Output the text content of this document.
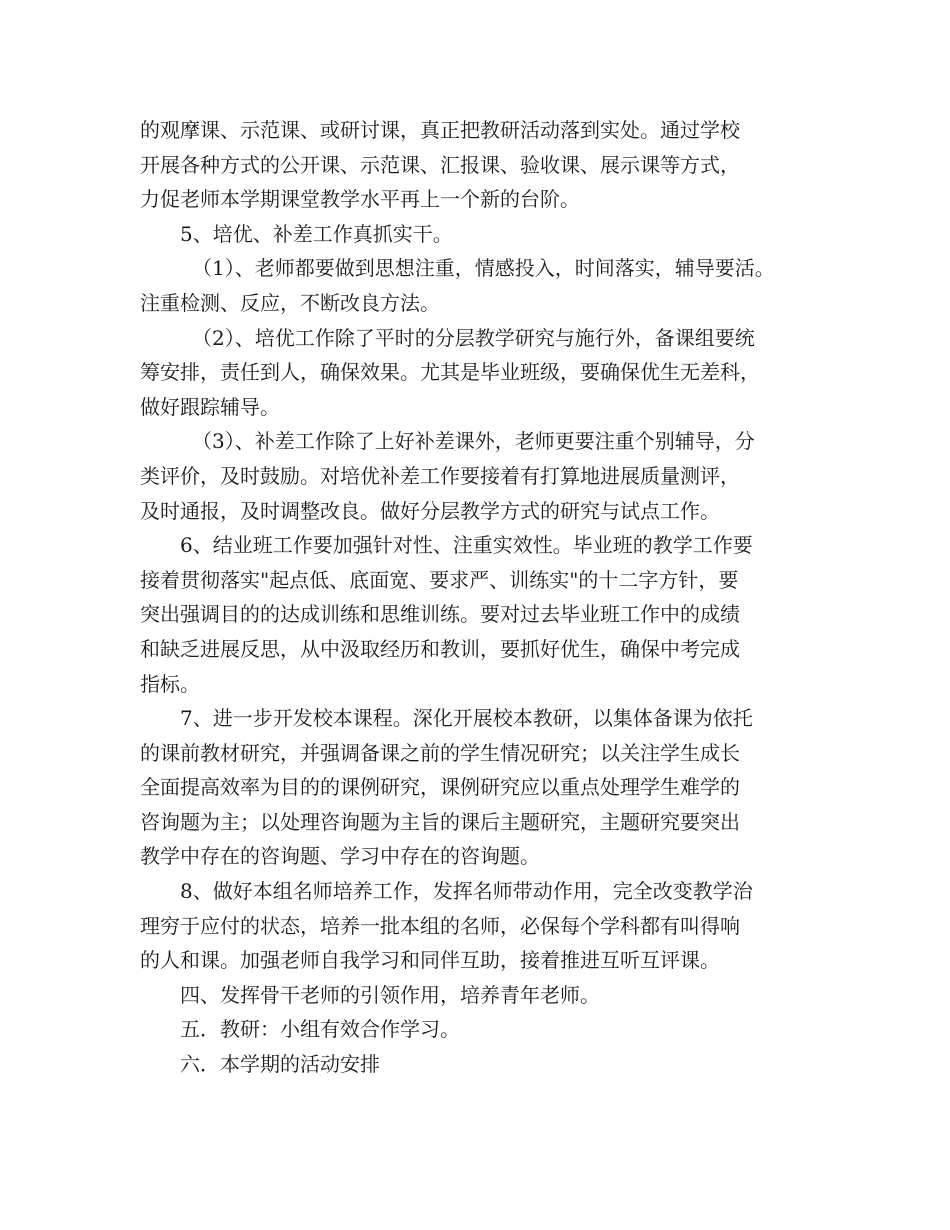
的观摩课、示范课、或研讨课，真正把教研活动落到实处。通过学校
开展各种方式的公开课、示范课、汇报课、验收课、展示课等方式，
力促老师本学期课堂教学水平再上一个新的台阶。
5、培优、补差工作真抓实干。
（1）、老师都要做到思想注重，情感投入，时间落实，辅导要活。
注重检测、反应，不断改良方法。
（2）、培优工作除了平时的分层教学研究与施行外，备课组要统
筹安排，责任到人，确保效果。尤其是毕业班级，要确保优生无差科，
做好跟踪辅导。
（3）、补差工作除了上好补差课外，老师更要注重个别辅导，分
类评价，及时鼓励。对培优补差工作要接着有打算地进展质量测评，
及时通报，及时调整改良。做好分层教学方式的研究与试点工作。
6、结业班工作要加强针对性、注重实效性。毕业班的教学工作要
接着贯彻落实"起点低、底面宽、要求严、训练实"的十二字方针，要
突出强调目的的达成训练和思维训练。要对过去毕业班工作中的成绩
和缺乏进展反思，从中汲取经历和教训，要抓好优生，确保中考完成
指标。
7、进一步开发校本课程。深化开展校本教研，以集体备课为依托
的课前教材研究，并强调备课之前的学生情况研究；以关注学生成长
全面提高效率为目的的课例研究，课例研究应以重点处理学生难学的
咨询题为主；以处理咨询题为主旨的课后主题研究，主题研究要突出
教学中存在的咨询题、学习中存在的咨询题。
8、做好本组名师培养工作，发挥名师带动作用，完全改变教学治
理穷于应付的状态，培养一批本组的名师，必保每个学科都有叫得响
的人和课。加强老师自我学习和同伴互助，接着推进互听互评课。
四、发挥骨干老师的引领作用，培养青年老师。
五．教研：小组有效合作学习。
六．本学期的活动安排
